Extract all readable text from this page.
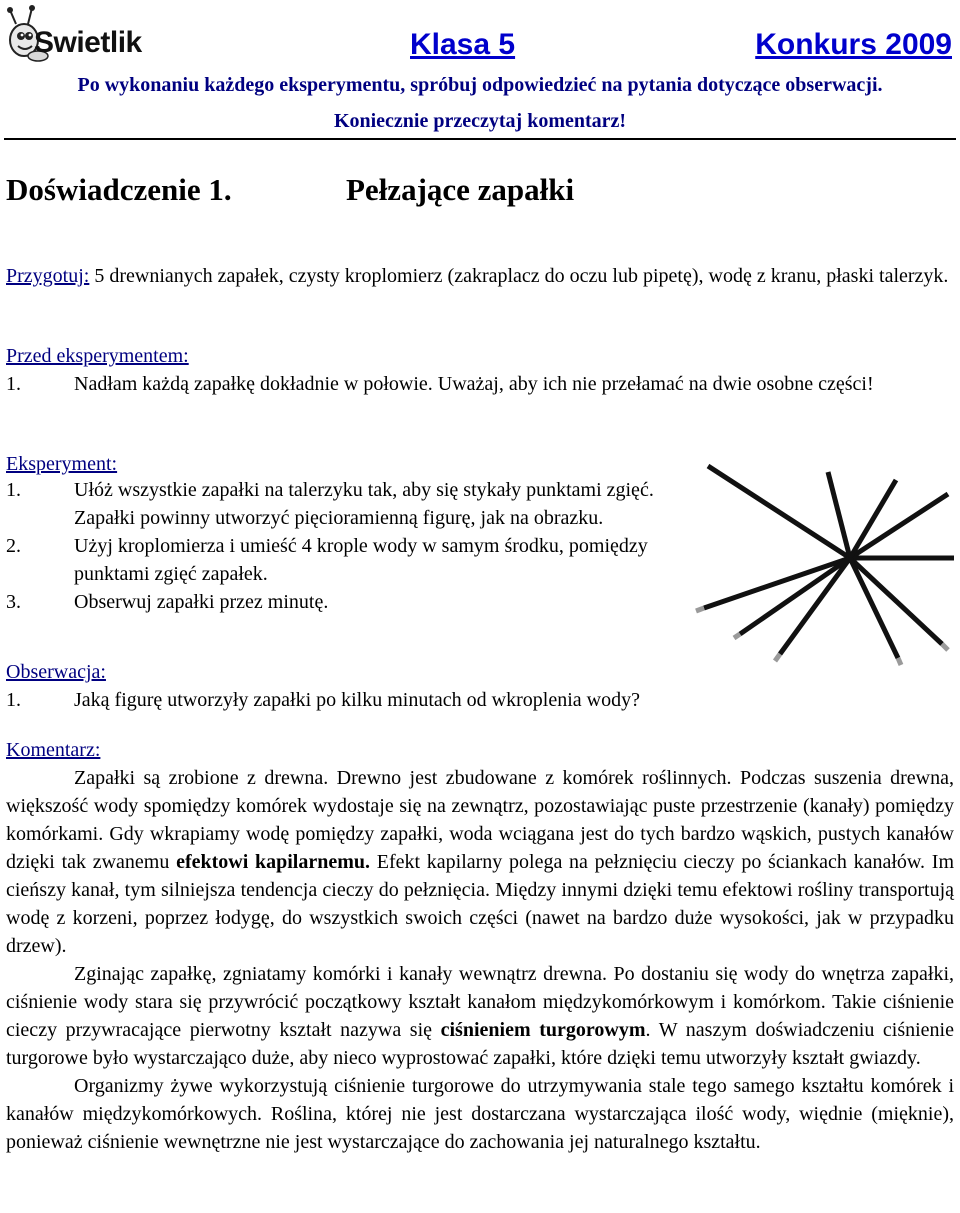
Swietlik	Klasa 5	Konkurs 2009
Po wykonaniu każdego eksperymentu, spróbuj odpowiedzieć na pytania dotyczące obserwacji.
Koniecznie przeczytaj komentarz!
Doświadczenie 1.	Pełzające zapałki
Przygotuj: 5 drewnianych zapałek, czysty kroplomierz (zakraplacz do oczu lub pipetę), wodę z kranu, płaski talerzyk.
Przed eksperymentem:
1.	Nadłam każdą zapałkę dokładnie w połowie. Uważaj, aby ich nie przełamać na dwie osobne części!
Eksperyment:
1.	Ułóż wszystkie zapałki na talerzyku tak, aby się stykały punktami zgięć. Zapałki powinny utworzyć pięcioramienną figurę, jak na obrazku.
2.	Użyj kroplomierza i umieść 4 krople wody w samym środku, pomiędzy punktami zgięć zapałek.
3.	Obserwuj zapałki przez minutę.
Obserwacja:
1.	Jaką figurę utworzyły zapałki po kilku minutach od wkroplenia wody?
Komentarz:

Zapałki są zrobione z drewna. Drewno jest zbudowane z komórek roślinnych. Podczas suszenia drewna, większość wody spomiędzy komórek wydostaje się na zewnątrz, pozostawiając puste przestrzenie (kanały) pomiędzy komórkami. Gdy wkrapiamy wodę pomiędzy zapałki, woda wciągana jest do tych bardzo wąskich, pustych kanałów dzięki tak zwanemu efektowi kapilarnemu. Efekt kapilarny polega na pełznięciu cieczy po ściankach kanałów. Im cieńszy kanał, tym silniejsza tendencja cieczy do pełznięcia. Między innymi dzięki temu efektowi rośliny transportują wodę z korzeni, poprzez łodygę, do wszystkich swoich części (nawet na bardzo duże wysokości, jak w przypadku drzew).

Zginając zapałkę, zgniatamy komórki i kanały wewnątrz drewna. Po dostaniu się wody do wnętrza zapałki, ciśnienie wody stara się przywrócić początkowy kształt kanałom międzykomórkowym i komórkom. Takie ciśnienie cieczy przywracające pierwotny kształt nazywa się ciśnieniem turgorowym. W naszym doświadczeniu ciśnienie turgorowe było wystarczająco duże, aby nieco wyprostować zapałki, które dzięki temu utworzyły kształt gwiazdy.

Organizmy żywe wykorzystują ciśnienie turgorowe do utrzymywania stale tego samego kształtu komórek i kanałów międzykomórkowych. Roślina, której nie jest dostarczana wystarczająca ilość wody, więdnie (mięknie), ponieważ ciśnienie wewnętrzne nie jest wystarczające do zachowania jej naturalnego kształtu.
